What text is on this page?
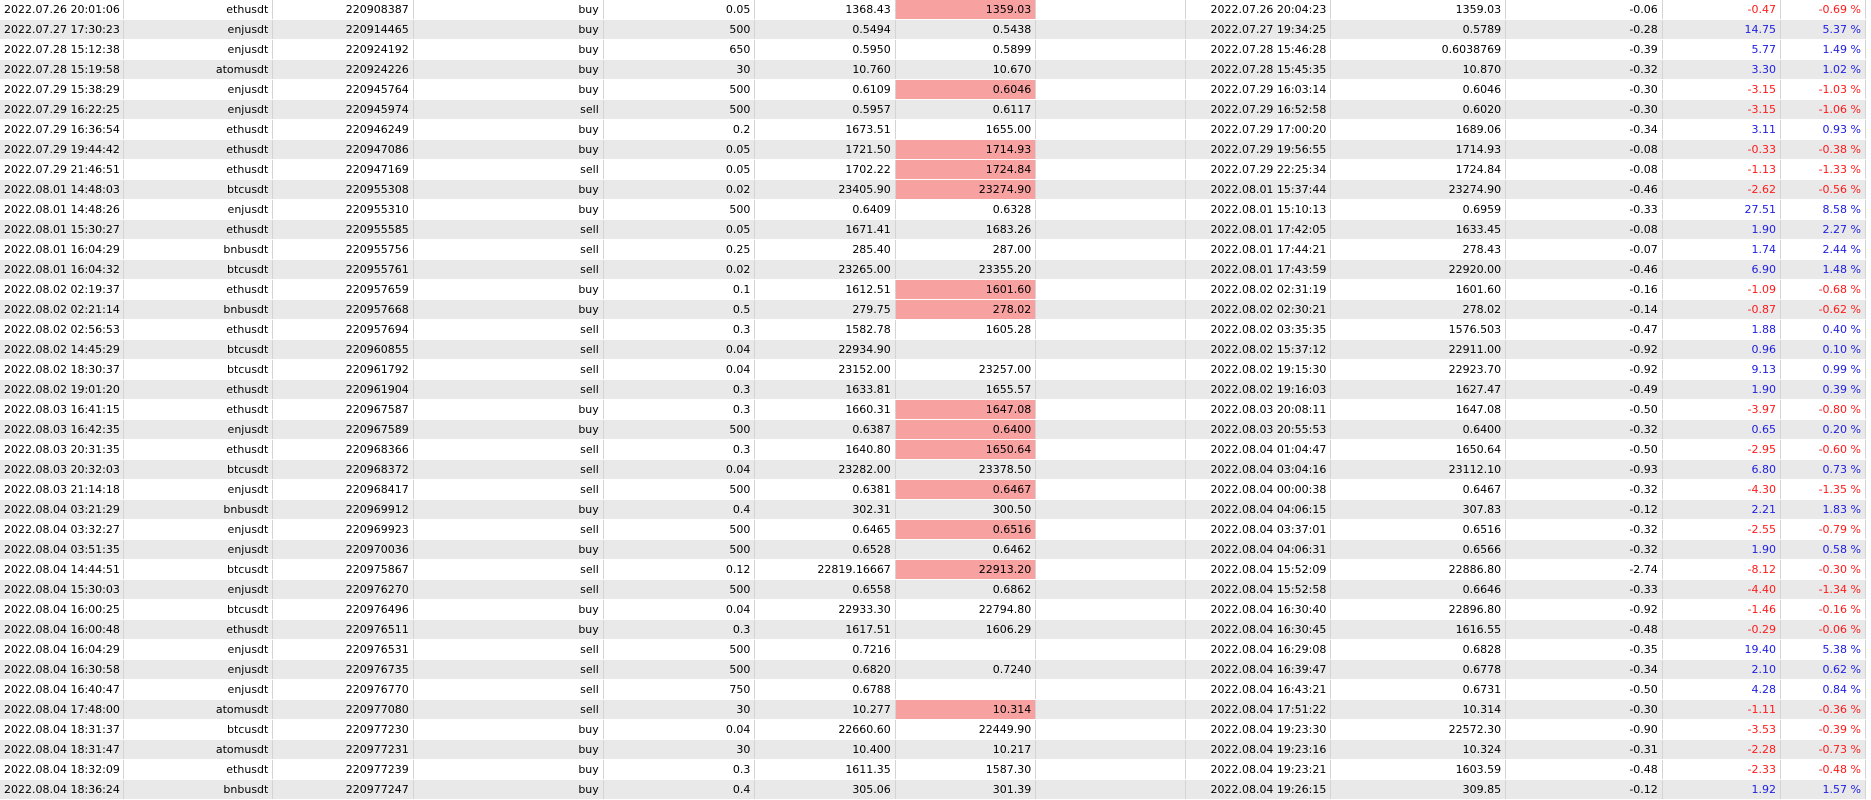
2022.07.26 20:01:06	ethusdt	220908387	buy	0.05	1368.43	1359.03		2022.07.26 20:04:23	1359.03	-0.06	-0.47	-0.69 %
2022.07.27 17:30:23	enjusdt	220914465	buy	500	0.5494	0.5438		2022.07.27 19:34:25	0.5789	-0.28	14.75	5.37 %
2022.07.28 15:12:38	enjusdt	220924192	buy	650	0.5950	0.5899		2022.07.28 15:46:28	0.6038769	-0.39	5.77	1.49 %
2022.07.28 15:19:58	atomusdt	220924226	buy	30	10.760	10.670		2022.07.28 15:45:35	10.870	-0.32	3.30	1.02 %
2022.07.29 15:38:29	enjusdt	220945764	buy	500	0.6109	0.6046		2022.07.29 16:03:14	0.6046	-0.30	-3.15	-1.03 %
2022.07.29 16:22:25	enjusdt	220945974	sell	500	0.5957	0.6117		2022.07.29 16:52:58	0.6020	-0.30	-3.15	-1.06 %
2022.07.29 16:36:54	ethusdt	220946249	buy	0.2	1673.51	1655.00		2022.07.29 17:00:20	1689.06	-0.34	3.11	0.93 %
2022.07.29 19:44:42	ethusdt	220947086	buy	0.05	1721.50	1714.93		2022.07.29 19:56:55	1714.93	-0.08	-0.33	-0.38 %
2022.07.29 21:46:51	ethusdt	220947169	sell	0.05	1702.22	1724.84		2022.07.29 22:25:34	1724.84	-0.08	-1.13	-1.33 %
2022.08.01 14:48:03	btcusdt	220955308	buy	0.02	23405.90	23274.90		2022.08.01 15:37:44	23274.90	-0.46	-2.62	-0.56 %
2022.08.01 14:48:26	enjusdt	220955310	buy	500	0.6409	0.6328		2022.08.01 15:10:13	0.6959	-0.33	27.51	8.58 %
2022.08.01 15:30:27	ethusdt	220955585	sell	0.05	1671.41	1683.26		2022.08.01 17:42:05	1633.45	-0.08	1.90	2.27 %
2022.08.01 16:04:29	bnbusdt	220955756	sell	0.25	285.40	287.00		2022.08.01 17:44:21	278.43	-0.07	1.74	2.44 %
2022.08.01 16:04:32	btcusdt	220955761	sell	0.02	23265.00	23355.20		2022.08.01 17:43:59	22920.00	-0.46	6.90	1.48 %
2022.08.02 02:19:37	ethusdt	220957659	buy	0.1	1612.51	1601.60		2022.08.02 02:31:19	1601.60	-0.16	-1.09	-0.68 %
2022.08.02 02:21:14	bnbusdt	220957668	buy	0.5	279.75	278.02		2022.08.02 02:30:21	278.02	-0.14	-0.87	-0.62 %
2022.08.02 02:56:53	ethusdt	220957694	sell	0.3	1582.78	1605.28		2022.08.02 03:35:35	1576.503	-0.47	1.88	0.40 %
2022.08.02 14:45:29	btcusdt	220960855	sell	0.04	22934.90			2022.08.02 15:37:12	22911.00	-0.92	0.96	0.10 %
2022.08.02 18:30:37	btcusdt	220961792	sell	0.04	23152.00	23257.00		2022.08.02 19:15:30	22923.70	-0.92	9.13	0.99 %
2022.08.02 19:01:20	ethusdt	220961904	sell	0.3	1633.81	1655.57		2022.08.02 19:16:03	1627.47	-0.49	1.90	0.39 %
2022.08.03 16:41:15	ethusdt	220967587	buy	0.3	1660.31	1647.08		2022.08.03 20:08:11	1647.08	-0.50	-3.97	-0.80 %
2022.08.03 16:42:35	enjusdt	220967589	buy	500	0.6387	0.6400		2022.08.03 20:55:53	0.6400	-0.32	0.65	0.20 %
2022.08.03 20:31:35	ethusdt	220968366	sell	0.3	1640.80	1650.64		2022.08.04 01:04:47	1650.64	-0.50	-2.95	-0.60 %
2022.08.03 20:32:03	btcusdt	220968372	sell	0.04	23282.00	23378.50		2022.08.04 03:04:16	23112.10	-0.93	6.80	0.73 %
2022.08.03 21:14:18	enjusdt	220968417	sell	500	0.6381	0.6467		2022.08.04 00:00:38	0.6467	-0.32	-4.30	-1.35 %
2022.08.04 03:21:29	bnbusdt	220969912	buy	0.4	302.31	300.50		2022.08.04 04:06:15	307.83	-0.12	2.21	1.83 %
2022.08.04 03:32:27	enjusdt	220969923	sell	500	0.6465	0.6516		2022.08.04 03:37:01	0.6516	-0.32	-2.55	-0.79 %
2022.08.04 03:51:35	enjusdt	220970036	buy	500	0.6528	0.6462		2022.08.04 04:06:31	0.6566	-0.32	1.90	0.58 %
2022.08.04 14:44:51	btcusdt	220975867	sell	0.12	22819.16667	22913.20		2022.08.04 15:52:09	22886.80	-2.74	-8.12	-0.30 %
2022.08.04 15:30:03	enjusdt	220976270	sell	500	0.6558	0.6862		2022.08.04 15:52:58	0.6646	-0.33	-4.40	-1.34 %
2022.08.04 16:00:25	btcusdt	220976496	buy	0.04	22933.30	22794.80		2022.08.04 16:30:40	22896.80	-0.92	-1.46	-0.16 %
2022.08.04 16:00:48	ethusdt	220976511	buy	0.3	1617.51	1606.29		2022.08.04 16:30:45	1616.55	-0.48	-0.29	-0.06 %
2022.08.04 16:04:29	enjusdt	220976531	sell	500	0.7216			2022.08.04 16:29:08	0.6828	-0.35	19.40	5.38 %
2022.08.04 16:30:58	enjusdt	220976735	sell	500	0.6820	0.7240		2022.08.04 16:39:47	0.6778	-0.34	2.10	0.62 %
2022.08.04 16:40:47	enjusdt	220976770	sell	750	0.6788			2022.08.04 16:43:21	0.6731	-0.50	4.28	0.84 %
2022.08.04 17:48:00	atomusdt	220977080	sell	30	10.277	10.314		2022.08.04 17:51:22	10.314	-0.30	-1.11	-0.36 %
2022.08.04 18:31:37	btcusdt	220977230	buy	0.04	22660.60	22449.90		2022.08.04 19:23:30	22572.30	-0.90	-3.53	-0.39 %
2022.08.04 18:31:47	atomusdt	220977231	buy	30	10.400	10.217		2022.08.04 19:23:16	10.324	-0.31	-2.28	-0.73 %
2022.08.04 18:32:09	ethusdt	220977239	buy	0.3	1611.35	1587.30		2022.08.04 19:23:21	1603.59	-0.48	-2.33	-0.48 %
2022.08.04 18:36:24	bnbusdt	220977247	buy	0.4	305.06	301.39		2022.08.04 19:26:15	309.85	-0.12	1.92	1.57 %
